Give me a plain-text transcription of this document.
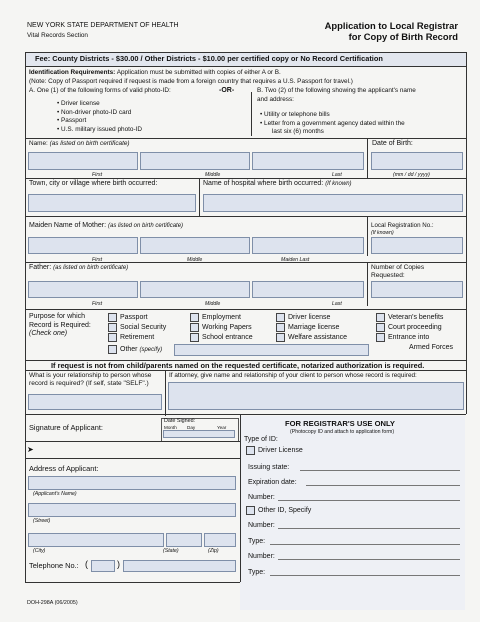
NEW YORK STATE DEPARTMENT OF HEALTH
Vital Records Section
Application to Local Registrar
for Copy of Birth Record
Fee: County Districts - $30.00 / Other Districts - $10.00 per certified copy or No Record Certification
Identification Requirements: Application must be submitted with copies of either A or B.
(Note: Copy of Passport required if request is made from a foreign country that requires a U.S. Passport for travel.)
A. One (1) of the following forms of valid photo-ID:	-OR-	B. Two (2) of the following showing the applicant's name
and address:
• Driver license
• Non-driver photo-ID card
• Passport
• U.S. military issued photo-ID
• Utility or telephone bills
• Letter from a government agency dated within the
last six (6) months
Name: (as listed on birth certificate)	Date of Birth:
First	Middle	Last	(mm / dd / yyyy)
Town, city or village where birth occurred:	Name of hospital where birth occurred: (If known)
Maiden Name of Mother: (as listed on birth certificate)	Local Registration No.:
(If known)
First	Middle	Maiden Last
Father: (as listed on birth certificate)	Number of Copies
Requested:
First	Middle	Last
Purpose for which
Record is Required:
(Check one)
Passport
Social Security
Retirement
Employment
Working Papers
School entrance
Driver license
Marriage license
Welfare assistance
Veteran's benefits
Court proceeding
Entrance into
Armed Forces
Other (specify)
If request is not from child/parents named on the requested certificate, notarized authorization is required.
What is your relationship to person whose
record is required? (If self, state "SELF".)
If attorney, give name and relationship of your client to person whose record is required:
FOR REGISTRAR'S USE ONLY
(Photocopy ID and attach to application form)
Type of ID:
Driver License
Issuing state:
Expiration date:
Number:
Other ID, Specify
Number:
Type:
Number:
Type:
Signature of Applicant:
Date Signed:
Month Day	Year
➤
Address of Applicant:
(Applicant's Name)
(Street)
(City)	(State)	(Zip)
Telephone No.: (	)
DOH-298A (06/2005)
